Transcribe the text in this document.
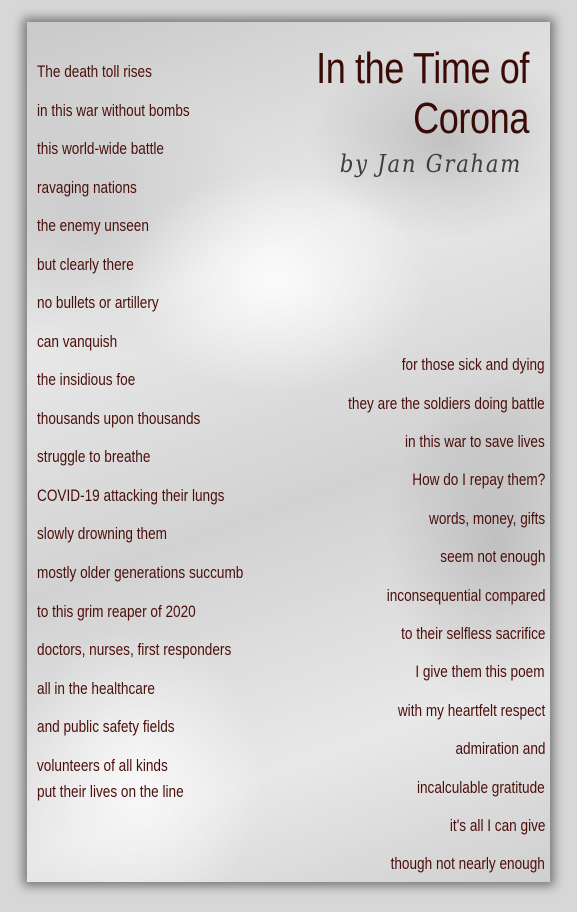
In the Time of Corona
by Jan Graham

The death toll rises

in this war without bombs

this world-wide battle

ravaging nations

the enemy unseen

but clearly there

no bullets or artillery

can vanquish

the insidious foe

thousands upon thousands

struggle to breathe

COVID-19 attacking their lungs

slowly drowning them

mostly older generations succumb

to this grim reaper of 2020

doctors, nurses, first responders

all in the healthcare

and public safety fields

volunteers of all kinds

put their lives on the line

for those sick and dying

they are the soldiers doing battle

in this war to save lives

How do I repay them?

words, money, gifts

seem not enough

inconsequential compared

to their selfless sacrifice

I give them this poem

with my heartfelt respect

admiration and

incalculable gratitude

it's all I can give

though not nearly enough
